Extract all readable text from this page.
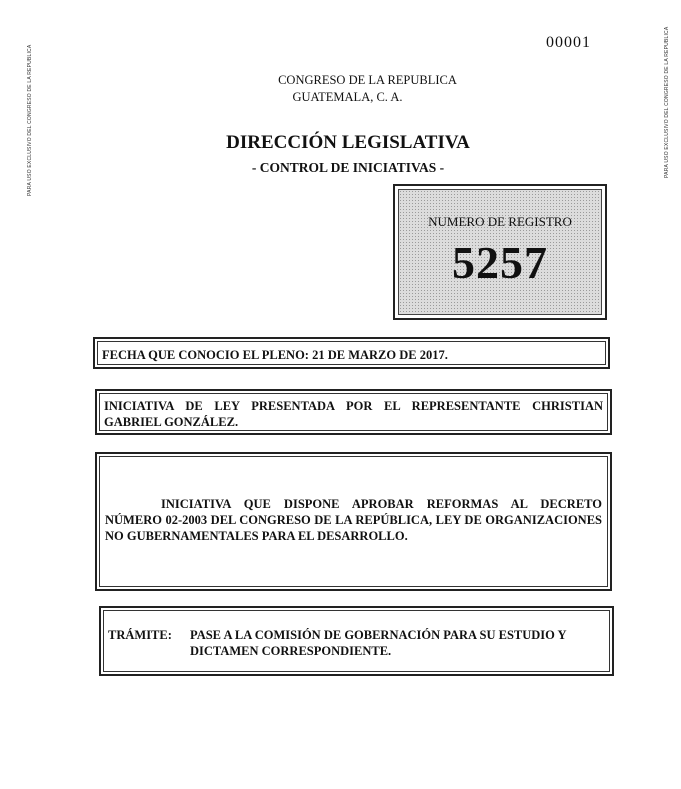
PARA USO EXCLUSIVO DEL CONGRESO DE LA REPUBLICA	PARA USO EXCLUSIVO DEL CONGRESO DE LA REPUBLICA
00001
CONGRESO DE LA REPUBLICA
GUATEMALA, C. A.
DIRECCIÓN LEGISLATIVA
- CONTROL DE INICIATIVAS -
NUMERO DE REGISTRO
5257
FECHA QUE CONOCIO EL PLENO: 21 DE MARZO DE 2017.
INICIATIVA DE LEY PRESENTADA POR EL REPRESENTANTE CHRISTIAN GABRIEL GONZÁLEZ.
INICIATIVA QUE DISPONE APROBAR REFORMAS AL DECRETO NÚMERO 02-2003 DEL CONGRESO DE LA REPÚBLICA, LEY DE ORGANIZACIONES NO GUBERNAMENTALES PARA EL DESARROLLO.
TRÁMITE: PASE A LA COMISIÓN DE GOBERNACIÓN PARA SU ESTUDIO Y DICTAMEN CORRESPONDIENTE.
